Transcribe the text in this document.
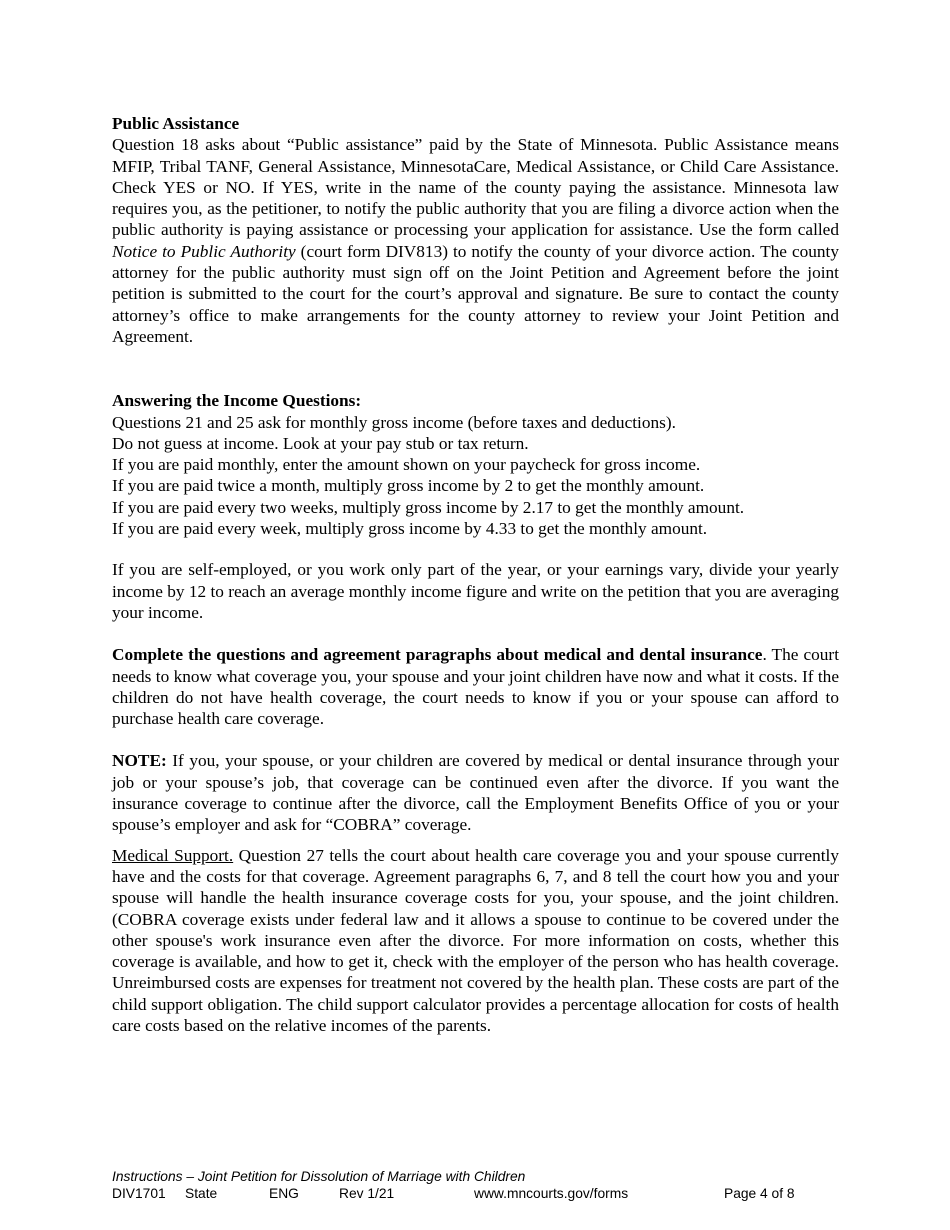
Public Assistance

Question 18 asks about “Public assistance” paid by the State of Minnesota. Public Assistance means MFIP, Tribal TANF, General Assistance, MinnesotaCare, Medical Assistance, or Child Care Assistance. Check YES or NO. If YES, write in the name of the county paying the assistance. Minnesota law requires you, as the petitioner, to notify the public authority that you are filing a divorce action when the public authority is paying assistance or processing your application for assistance. Use the form called Notice to Public Authority (court form DIV813) to notify the county of your divorce action. The county attorney for the public authority must sign off on the Joint Petition and Agreement before the joint petition is submitted to the court for the court’s approval and signature. Be sure to contact the county attorney’s office to make arrangements for the county attorney to review your Joint Petition and Agreement.

Answering the Income Questions:

Questions 21 and 25 ask for monthly gross income (before taxes and deductions).

Do not guess at income. Look at your pay stub or tax return.

If you are paid monthly, enter the amount shown on your paycheck for gross income.

If you are paid twice a month, multiply gross income by 2 to get the monthly amount.

If you are paid every two weeks, multiply gross income by 2.17 to get the monthly amount.

If you are paid every week, multiply gross income by 4.33 to get the monthly amount.

If you are self-employed, or you work only part of the year, or your earnings vary, divide your yearly income by 12 to reach an average monthly income figure and write on the petition that you are averaging your income.

Complete the questions and agreement paragraphs about medical and dental insurance. The court needs to know what coverage you, your spouse and your joint children have now and what it costs. If the children do not have health coverage, the court needs to know if you or your spouse can afford to purchase health care coverage.

NOTE: If you, your spouse, or your children are covered by medical or dental insurance through your job or your spouse’s job, that coverage can be continued even after the divorce. If you want the insurance coverage to continue after the divorce, call the Employment Benefits Office of you or your spouse’s employer and ask for “COBRA” coverage.

Medical Support. Question 27 tells the court about health care coverage you and your spouse currently have and the costs for that coverage. Agreement paragraphs 6, 7, and 8 tell the court how you and your spouse will handle the health insurance coverage costs for you, your spouse, and the joint children. (COBRA coverage exists under federal law and it allows a spouse to continue to be covered under the other spouse's work insurance even after the divorce. For more information on costs, whether this coverage is available, and how to get it, check with the employer of the person who has health coverage. Unreimbursed costs are expenses for treatment not covered by the health plan. These costs are part of the child support obligation. The child support calculator provides a percentage allocation for costs of health care costs based on the relative incomes of the parents.

Instructions – Joint Petition for Dissolution of Marriage with Children
DIV1701 State	ENG	Rev 1/21	www.mncourts.gov/forms	Page 4 of 8
